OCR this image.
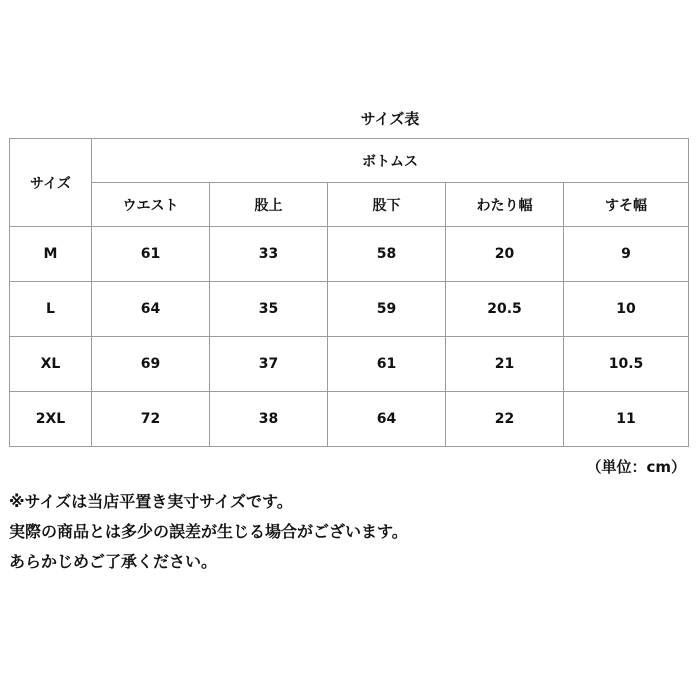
サイズ表
サイズ	ボトムス				
	ウエスト	股上	股下	わたり幅	すそ幅
M	61	33	58	20	9
L	64	35	59	20.5	10
XL	69	37	61	21	10.5
2XL	72	38	64	22	11
（単位：cm）
※サイズは当店平置き実寸サイズです。
実際の商品とは多少の誤差が生じる場合がございます。
あらかじめご了承ください。
